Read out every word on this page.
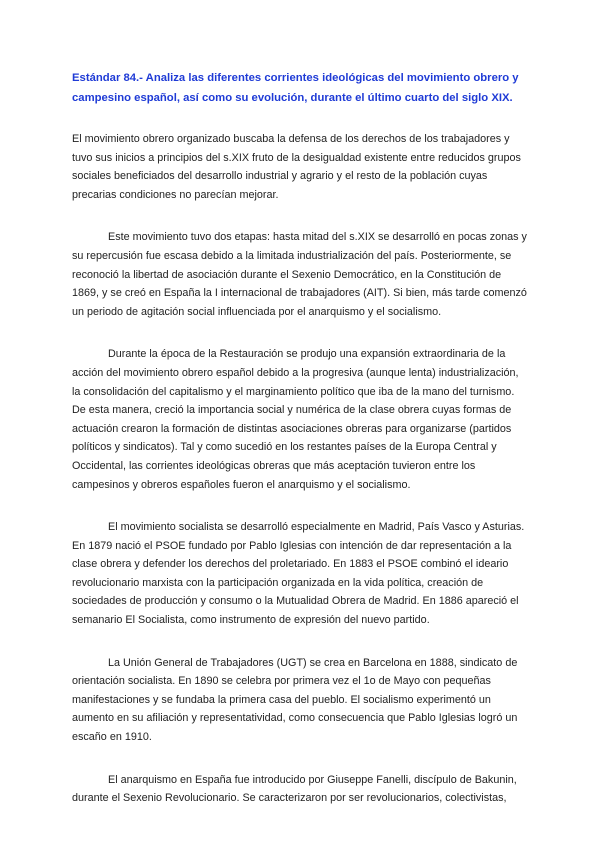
Estándar 84.- Analiza las diferentes corrientes ideológicas del movimiento obrero y campesino español, así como su evolución, durante el último cuarto del siglo XIX.

El movimiento obrero organizado buscaba la defensa de los derechos de los trabajadores y tuvo sus inicios a principios del s.XIX fruto de la desigualdad existente entre reducidos grupos sociales beneficiados del desarrollo industrial y agrario y el resto de la población cuyas precarias condiciones no parecían mejorar.

Este movimiento tuvo dos etapas: hasta mitad del s.XIX se desarrolló en pocas zonas y su repercusión fue escasa debido a la limitada industrialización del país. Posteriormente, se reconoció la libertad de asociación durante el Sexenio Democrático, en la Constitución de 1869, y se creó en España la I internacional de trabajadores (AIT). Si bien, más tarde comenzó un periodo de agitación social influenciada por el anarquismo y el socialismo.

Durante la época de la Restauración se produjo una expansión extraordinaria de la acción del movimiento obrero español debido a la progresiva (aunque lenta) industrialización, la consolidación del capitalismo y el marginamiento político que iba de la mano del turnismo. De esta manera, creció la importancia social y numérica de la clase obrera cuyas formas de actuación crearon la formación de distintas asociaciones obreras para organizarse (partidos políticos y sindicatos). Tal y como sucedió en los restantes países de la Europa Central y Occidental, las corrientes ideológicas obreras que más aceptación tuvieron entre los campesinos y obreros españoles fueron el anarquismo y el socialismo.

El movimiento socialista se desarrolló especialmente en Madrid, País Vasco y Asturias. En 1879 nació el PSOE fundado por Pablo Iglesias con intención de dar representación a la clase obrera y defender los derechos del proletariado. En 1883 el PSOE combinó el ideario revolucionario marxista con la participación organizada en la vida política, creación de sociedades de producción y consumo o la Mutualidad Obrera de Madrid. En 1886 apareció el semanario El Socialista, como instrumento de expresión del nuevo partido.

La Unión General de Trabajadores (UGT) se crea en Barcelona en 1888, sindicato de orientación socialista. En 1890 se celebra por primera vez el 1o de Mayo con pequeñas manifestaciones y se fundaba la primera casa del pueblo. El socialismo experimentó un aumento en su afiliación y representatividad, como consecuencia que Pablo Iglesias logró un escaño en 1910.

El anarquismo en España fue introducido por Giuseppe Fanelli, discípulo de Bakunin, durante el Sexenio Revolucionario. Se caracterizaron por ser revolucionarios, colectivistas,
